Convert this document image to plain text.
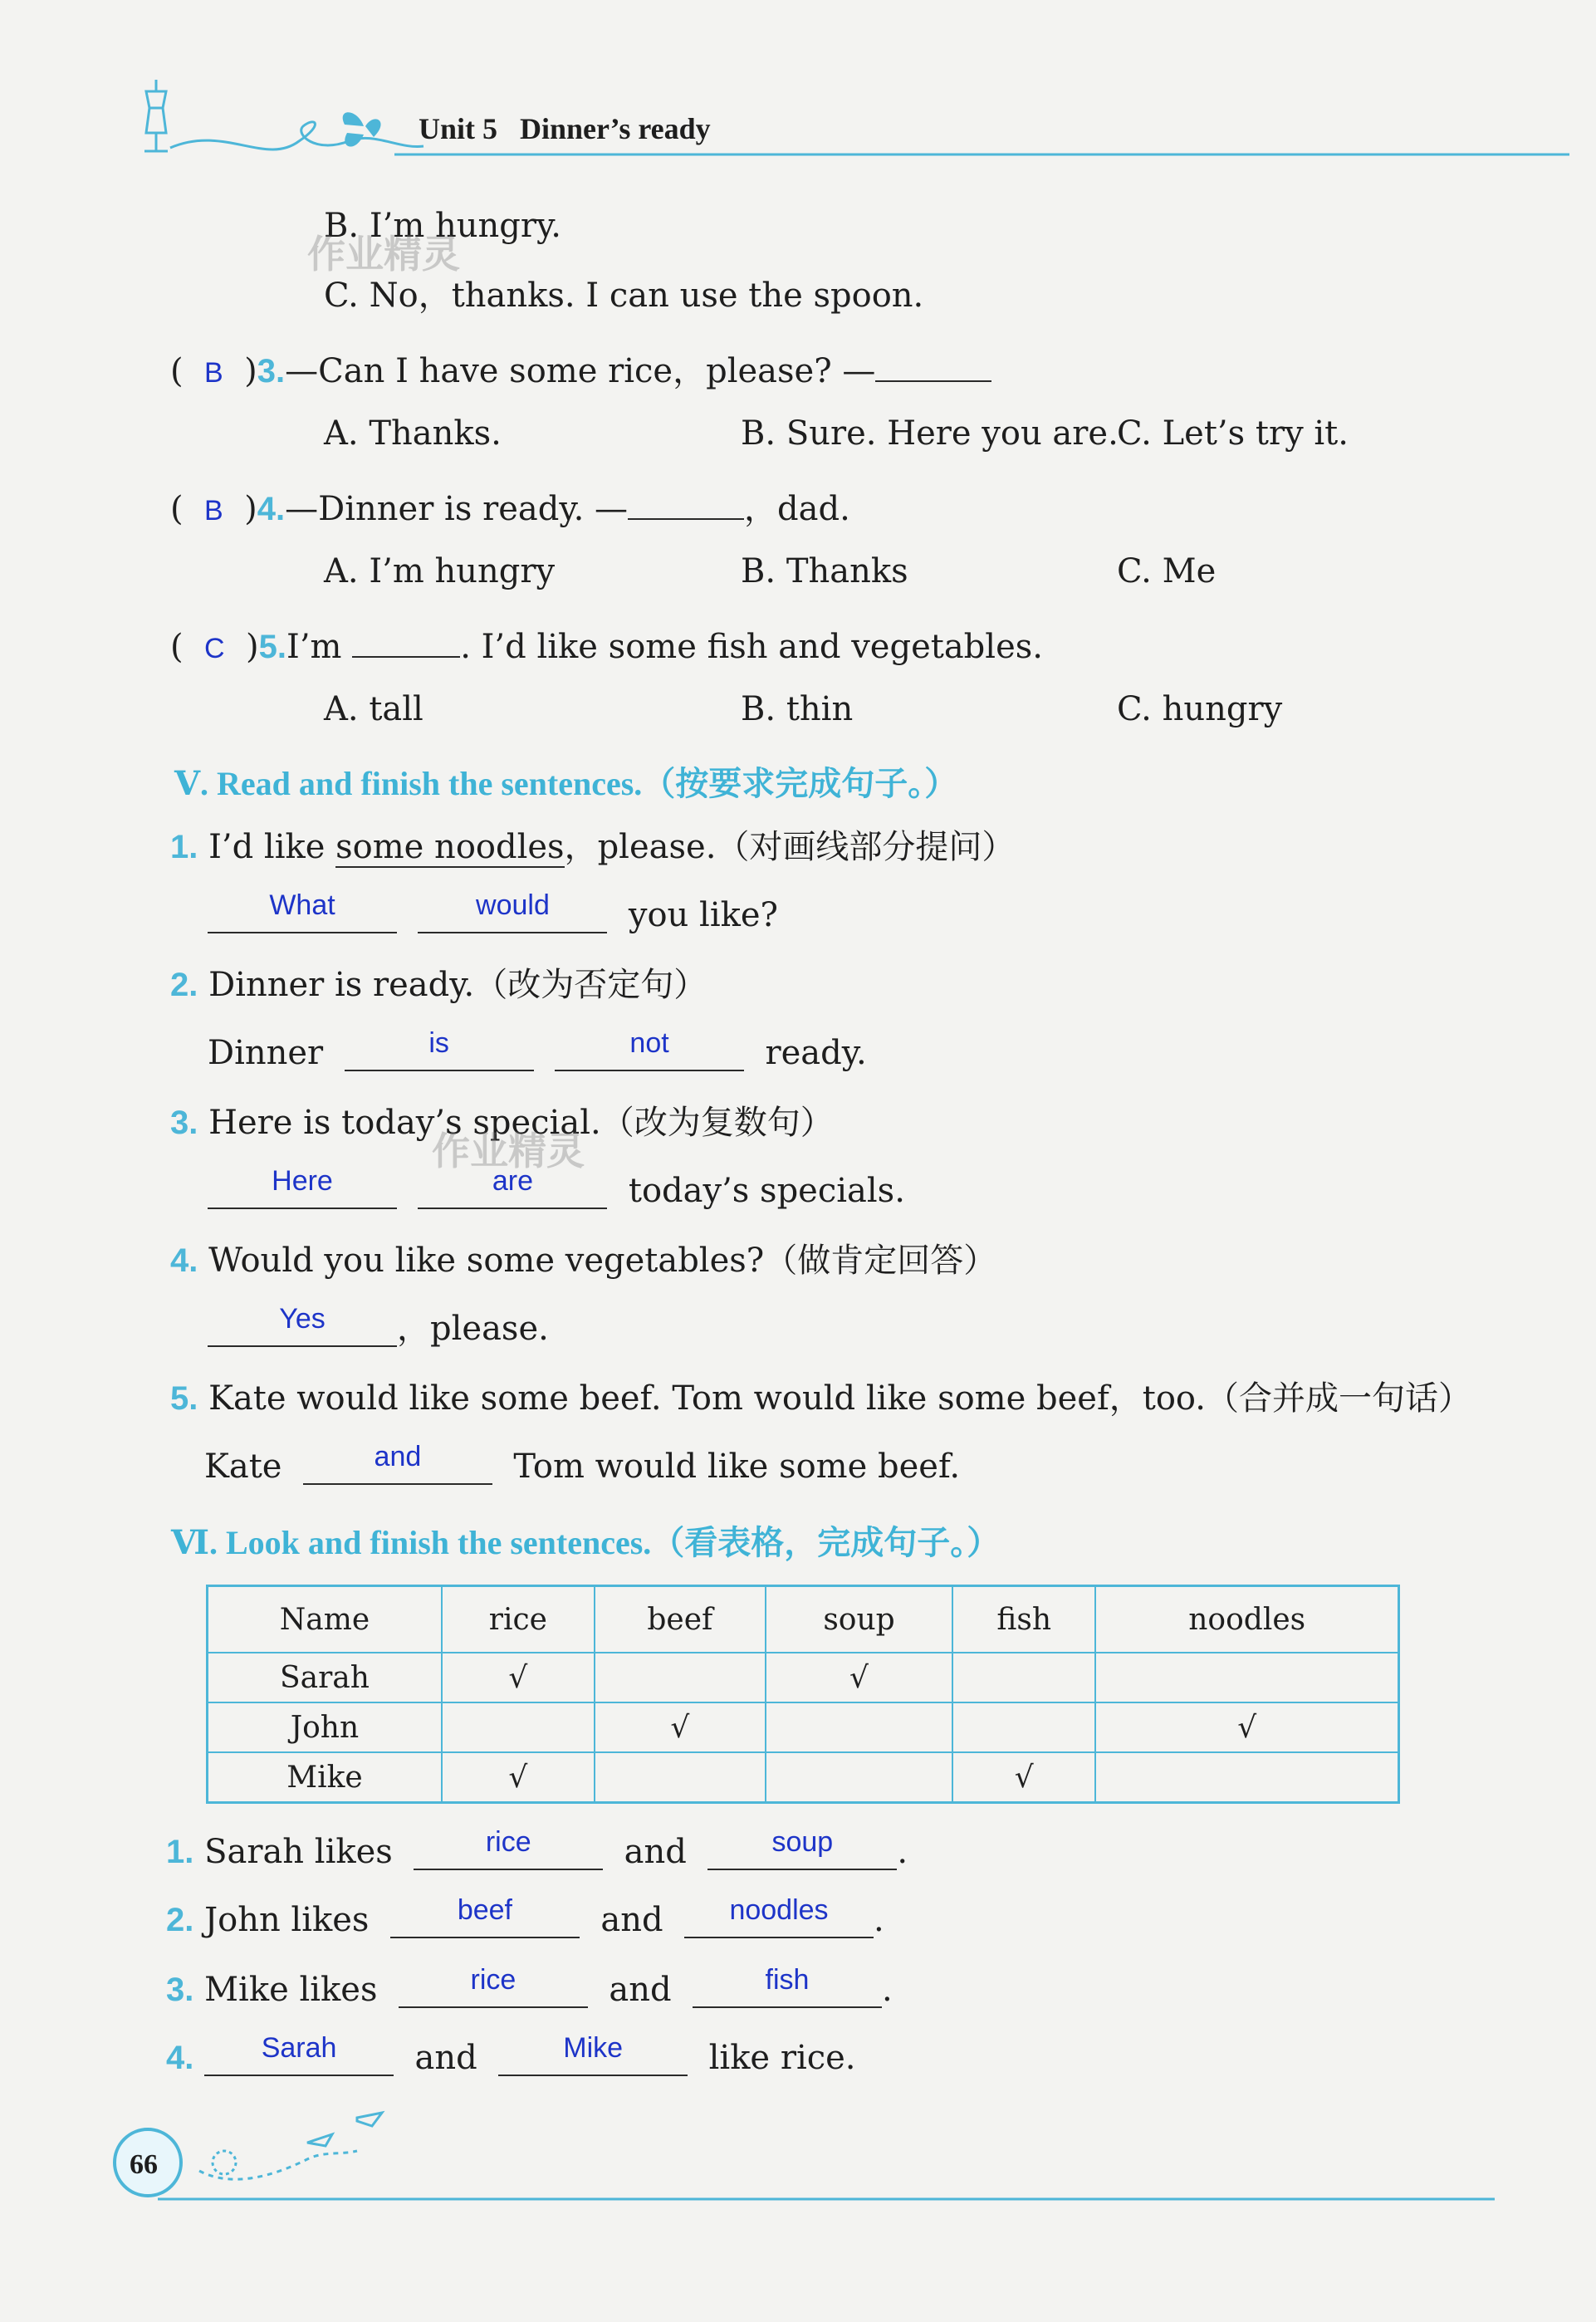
Unit 5 Dinner’s ready
B. I’m hungry.
作业精灵
C. No，thanks. I can use the spoon.
(  B  )3.—Can I have some rice，please? —
A. Thanks.	B. Sure. Here you are.
C. Let’s try it.
(  B  )4.—Dinner is ready. —	，dad.
A. I’m hungry	B. Thanks	C. Me
(  C  )5.I’m	. I’d like some fish and vegetables.
A. tall	B. thin	C. hungry
Ⅴ. Read and finish the sentences.（按要求完成句子。）
1. I’d like some noodles，please.（对画线部分提问）
$^{What}$	$^{would}$ you like?
2. Dinner is ready.（改为否定句）
Dinner	$^{is}$	$^{not}$	ready.
3. Here is today’s special.（改为复数句）
作业精灵
$^{Here}$	$^{are}$	today’s specials.
4. Would you like some vegetables?（做肯定回答）
$^{Yes}$ ，please.
5. Kate would like some beef. Tom would like some beef，too.（合并成一句话）
Kate	$^{and}$	Tom would like some beef.
Ⅵ. Look and finish the sentences.（看表格，完成句子。）
Name	rice	beef	soup	fish	noodles
Sarah	√		√		
John		√			√
Mike	√			√	
1. Sarah likes	$^{rice}$	and	$^{soup}$ .
2. John likes	$^{beef}$	and $^{noodles}$ .
3. Mike likes	$^{rice}$	and	$^{fish}$ .
4. $^{Sarah}$ and	$^{Mike}$	like rice.
66
